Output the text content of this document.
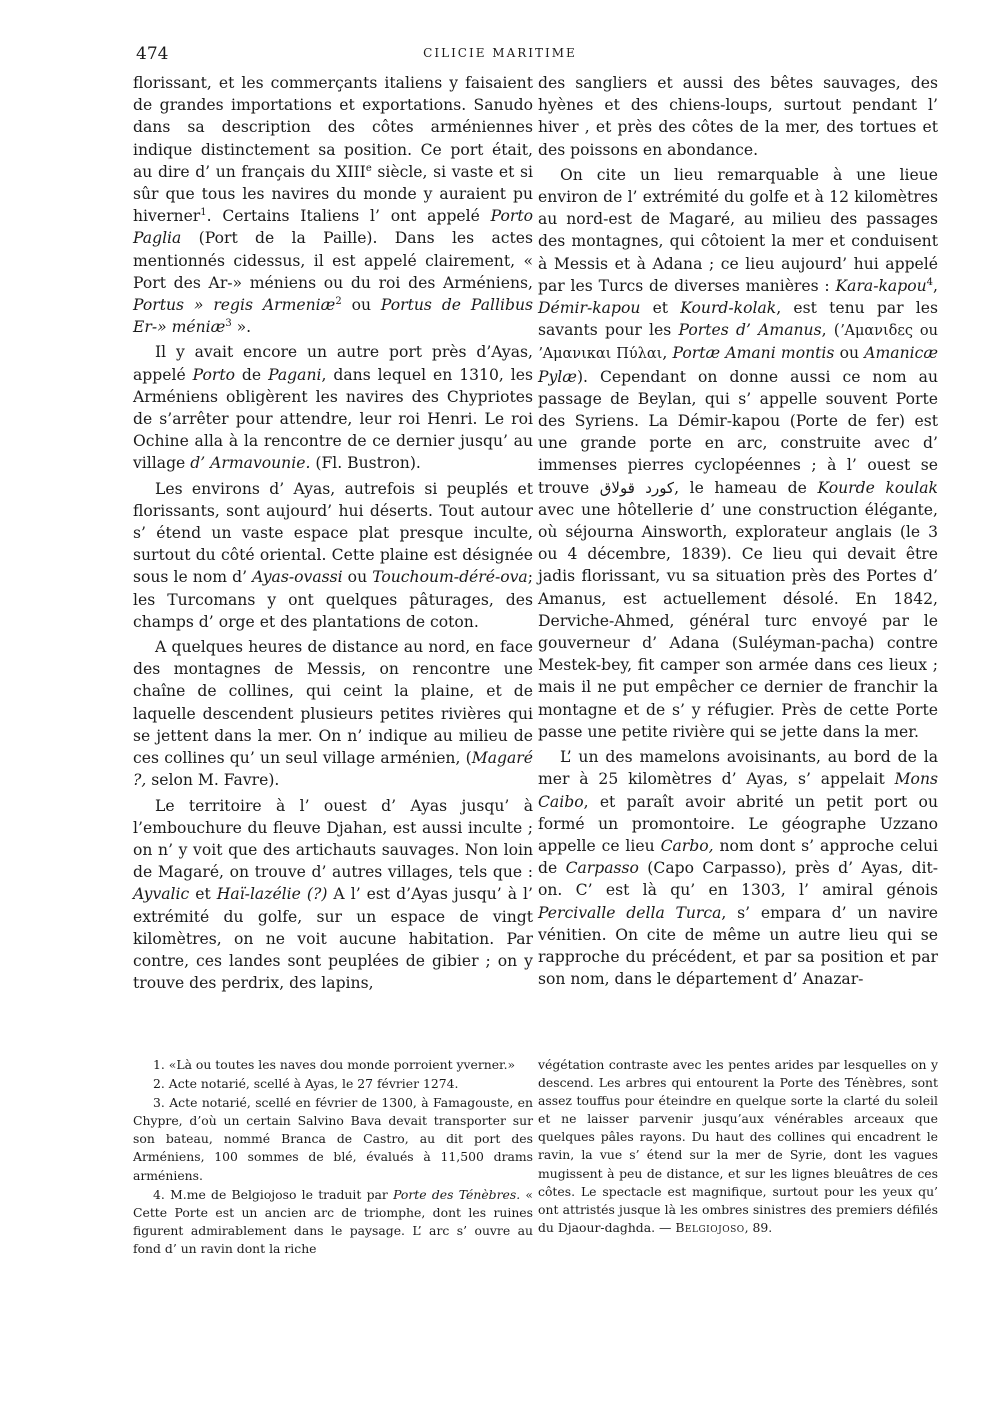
474	CILICIE MARITIME

florissant, et les commerçants italiens y faisaient de grandes importations et exportations. Sanudo dans sa description des côtes arméniennes indique distinctement sa position. Ce port était, au dire d’ un français du XIIIe siècle, si vaste et si sûr que tous les navires du monde y auraient pu hiverner$^1$. Certains Italiens l’ ont appelé Porto Paglia (Port de la Paille). Dans les actes mentionnés cidessus, il est appelé clairement, « Port des Ar-» méniens ou du roi des Arméniens, Portus » regis Armeniæ$^2$ ou Portus de Pallibus Er-» méniæ$^3$ ».

Il y avait encore un autre port près d’Ayas, appelé Porto de Pagani, dans lequel en 1310, les Arméniens obligèrent les navires des Chypriotes de s’arrêter pour attendre, leur roi Henri. Le roi Ochine alla à la rencontre de ce dernier jusqu’ au village d’ Armavounie. (Fl. Bustron).

Les environs d’ Ayas, autrefois si peuplés et florissants, sont aujourd’ hui déserts. Tout autour s’ étend un vaste espace plat presque inculte, surtout du côté oriental. Cette plaine est désignée sous le nom d’ Ayas-ovassi ou Touchoum-déré-ova; les Turcomans y ont quelques pâturages, des champs d’ orge et des plantations de coton.

A quelques heures de distance au nord, en face des montagnes de Messis, on rencontre une chaîne de collines, qui ceint la plaine, et de laquelle descendent plusieurs petites rivières qui se jettent dans la mer. On n’ indique au milieu de ces collines qu’ un seul village arménien, (Magaré ?, selon M. Favre).

Le territoire à l’ ouest d’ Ayas jusqu’ à l’embouchure du fleuve Djahan, est aussi inculte ; on n’ y voit que des artichauts sauvages. Non loin de Magaré, on trouve d’ autres villages, tels que : Ayvalic et Haï-lazélie (?) A l’ est d’Ayas jusqu’ à l’ extrémité du golfe, sur un espace de vingt kilomètres, on ne voit aucune habitation. Par contre, ces landes sont peuplées de gibier ; on y trouve des perdrix, des lapins,

des sangliers et aussi des bêtes sauvages, des hyènes et des chiens-loups, surtout pendant l’ hiver , et près des côtes de la mer, des tortues et des poissons en abondance.

On cite un lieu remarquable à une lieue environ de l’ extrémité du golfe et à 12 kilomètres au nord-est de Magaré, au milieu des passages des montagnes, qui côtoient la mer et conduisent à Messis et à Adana ; ce lieu aujourd’ hui appelé par les Turcs de diverses manières : Kara-kapou$^4$, Démir-kapou et Kourd-kolak, est tenu par les savants pour les Portes d’ Amanus, (ʼΑμανιδες ou ʼΑμανικαι Πύλαι, Portæ Amani montis ou Amanicæ Pylæ). Cependant on donne aussi ce nom au passage de Beylan, qui s’ appelle souvent Porte des Syriens. La Démir-kapou (Porte de fer) est une grande porte en arc, construite avec d’ immenses pierres cyclopéennes ; à l’ ouest se trouve كورد قولاق, le hameau de Kourde koulak avec une hôtellerie d’ une construction élégante, où séjourna Ainsworth, explorateur anglais (le 3 ou 4 décembre, 1839). Ce lieu qui devait être jadis florissant, vu sa situation près des Portes d’ Amanus, est actuellement désolé. En 1842, Derviche-Ahmed, général turc envoyé par le gouverneur d’ Adana (Suléyman-pacha) contre Mestek-bey, fit camper son armée dans ces lieux ; mais il ne put empêcher ce dernier de franchir la montagne et de s’ y réfugier. Près de cette Porte passe une petite rivière qui se jette dans la mer.

L’ un des mamelons avoisinants, au bord de la mer à 25 kilomètres d’ Ayas, s’ appelait Mons Caibo, et paraît avoir abrité un petit port ou formé un promontoire. Le géographe Uzzano appelle ce lieu Carbo, nom dont s’ approche celui de Carpasso (Capo Carpasso), près d’ Ayas, dit-on. C’ est là qu’ en 1303, l’ amiral génois Percivalle della Turca, s’ empara d’ un navire vénitien. On cite de même un autre lieu qui se rapproche du précédent, et par sa position et par son nom, dans le département d’ Anazar-

1. «Là ou toutes les naves dou monde porroient yverner.»

2. Acte notarié, scellé à Ayas, le 27 février 1274.

3. Acte notarié, scellé en février de 1300, à Famagouste, en Chypre, d’où un certain Salvino Bava devait transporter sur son bateau, nommé Branca de Castro, au dit port des Arméniens, 100 sommes de blé, évalués à 11,500 drams arméniens.

4. M.me de Belgiojoso le traduit par Porte des Ténèbres. « Cette Porte est un ancien arc de triomphe, dont les ruines figurent admirablement dans le paysage. L’ arc s’ ouvre au fond d’ un ravin dont la riche

végétation contraste avec les pentes arides par lesquelles on y descend. Les arbres qui entourent la Porte des Ténèbres, sont assez touffus pour éteindre en quelque sorte la clarté du soleil et ne laisser parvenir jusqu’aux vénérables arceaux que quelques pâles rayons. Du haut des collines qui encadrent le ravin, la vue s’ étend sur la mer de Syrie, dont les vagues mugissent à peu de distance, et sur les lignes bleuâtres de ces côtes. Le spectacle est magnifique, surtout pour les yeux qu’ ont attristés jusque là les ombres sinistres des premiers défilés du Djaour-daghda. — Belgiojoso, 89.
